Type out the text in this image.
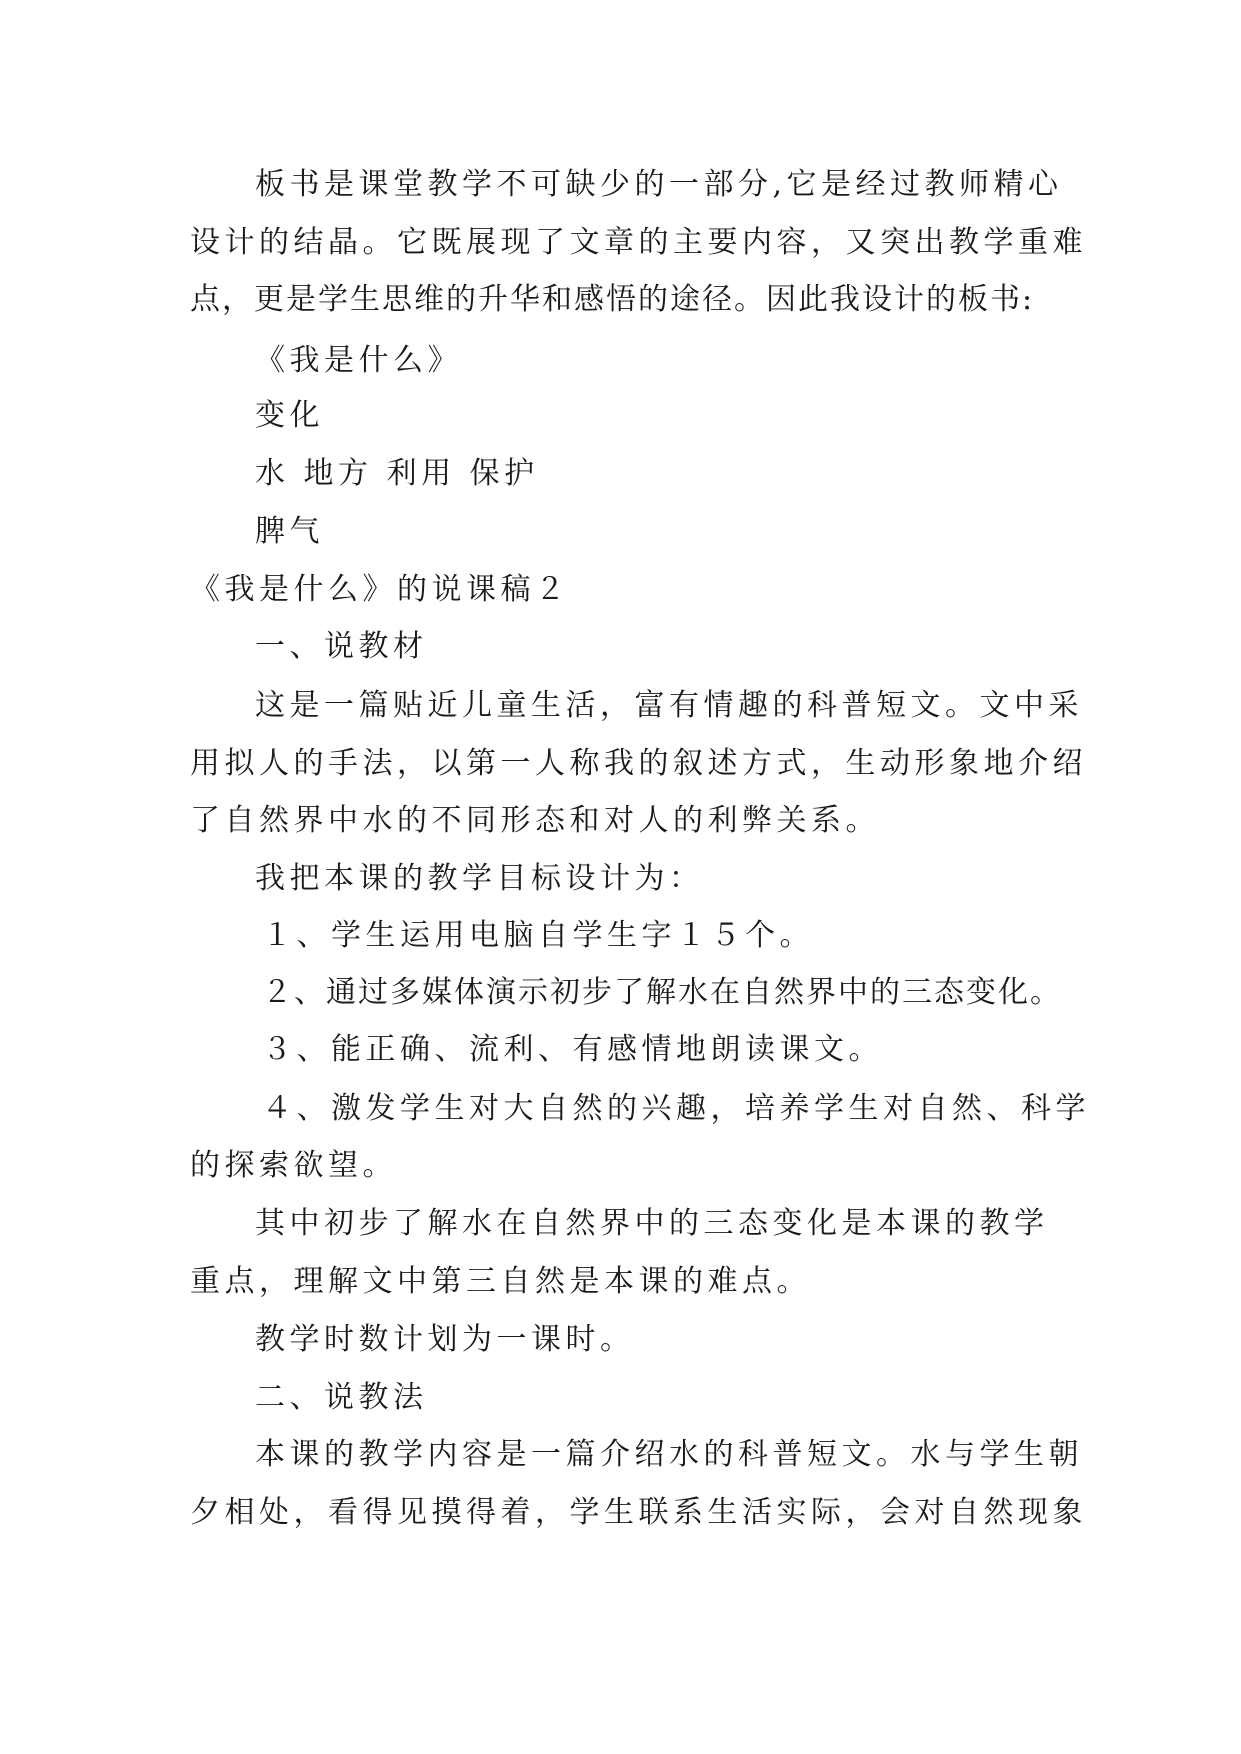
板书是课堂教学不可缺少的一部分,它是经过教师精心
设计的结晶。它既展现了文章的主要内容，又突出教学重难
点，更是学生思维的升华和感悟的途径。因此我设计的板书:
《我是什么》
变化
水 地方 利用 保护
脾气
《我是什么》的说课稿２
一、说教材
这是一篇贴近儿童生活，富有情趣的科普短文。文中采
用拟人的手法，以第一人称我的叙述方式，生动形象地介绍
了自然界中水的不同形态和对人的利弊关系。
我把本课的教学目标设计为：
１、学生运用电脑自学生字１５个。
２、通过多媒体演示初步了解水在自然界中的三态变化。
３、能正确、流利、有感情地朗读课文。
４、激发学生对大自然的兴趣，培养学生对自然、科学
的探索欲望。
其中初步了解水在自然界中的三态变化是本课的教学
重点，理解文中第三自然是本课的难点。
教学时数计划为一课时。
二、说教法
本课的教学内容是一篇介绍水的科普短文。水与学生朝
夕相处，看得见摸得着，学生联系生活实际，会对自然现象
